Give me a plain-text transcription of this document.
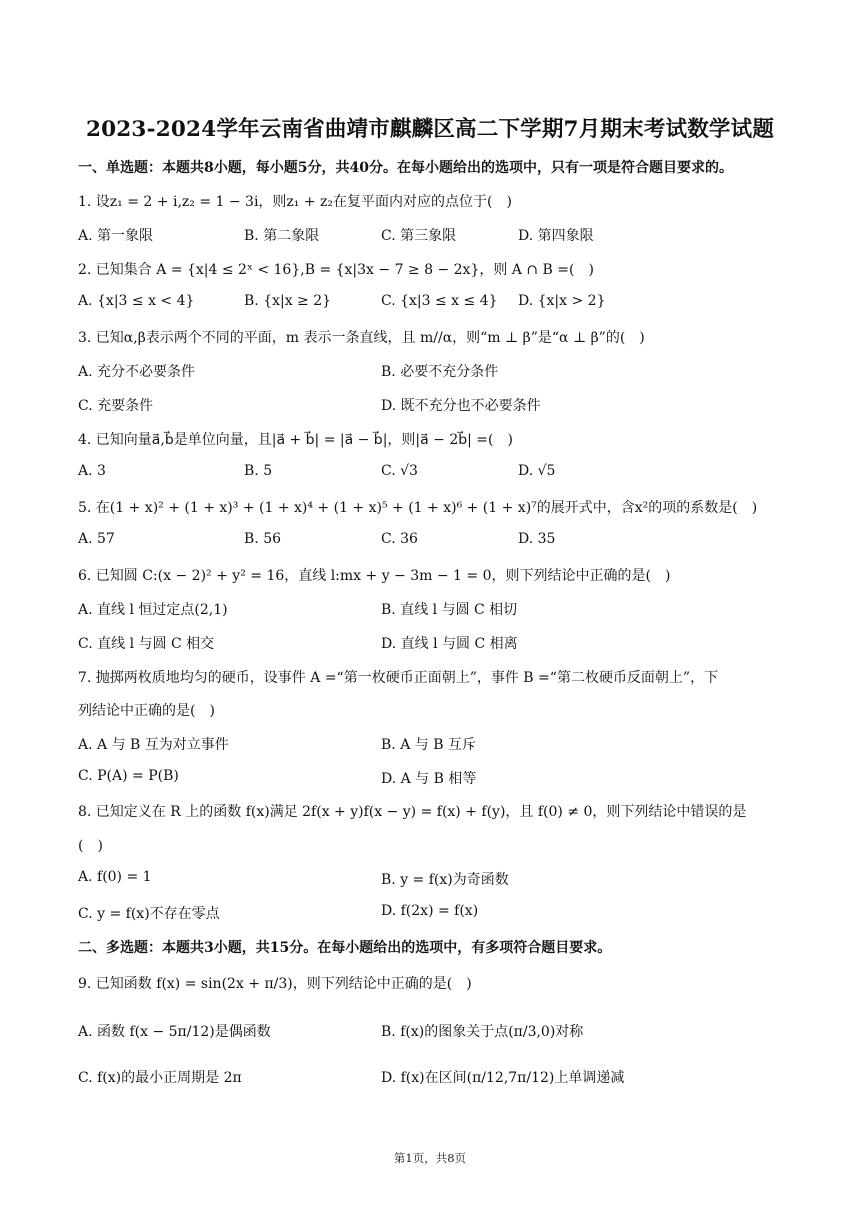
2023-2024学年云南省曲靖市麒麟区高二下学期7月期末考试数学试题
一、单选题：本题共8小题，每小题5分，共40分。在每小题给出的选项中，只有一项是符合题目要求的。
1. 设z₁ = 2 + i,z₂ = 1 − 3i，则z₁ + z₂在复平面内对应的点位于(　)
A. 第一象限	B. 第二象限	C. 第三象限	D. 第四象限
2. 已知集合 A = {x|4 ≤ 2ˣ < 16},B = {x|3x − 7 ≥ 8 − 2x}，则 A ∩ B =(　)
A. {x|3 ≤ x < 4}	B. {x|x ≥ 2}	C. {x|3 ≤ x ≤ 4} D. {x|x > 2}
3. 已知α,β表示两个不同的平面，m 表示一条直线，且 m//α，则“m ⊥ β”是“α ⊥ β”的(　)
A. 充分不必要条件	B. 必要不充分条件
C. 充要条件	D. 既不充分也不必要条件
4. 已知向量a⃗,b⃗是单位向量，且|a⃗ + b⃗| = |a⃗ − b⃗|，则|a⃗ − 2b⃗| =(　)
A. 3	B. 5	C. √3	D. √5
5. 在(1 + x)² + (1 + x)³ + (1 + x)⁴ + (1 + x)⁵ + (1 + x)⁶ + (1 + x)⁷的展开式中，含x²的项的系数是(　)
A. 57	B. 56	C. 36	D. 35
6. 已知圆 C:(x − 2)² + y² = 16，直线 l:mx + y − 3m − 1 = 0，则下列结论中正确的是(　)
A. 直线 l 恒过定点(2,1)	B. 直线 l 与圆 C 相切
C. 直线 l 与圆 C 相交	D. 直线 l 与圆 C 相离
7. 抛掷两枚质地均匀的硬币，设事件 A =“第一枚硬币正面朝上”，事件 B =“第二枚硬币反面朝上”，下
列结论中正确的是(　)
A. A 与 B 互为对立事件	B. A 与 B 互斥
C. P(A) = P(B)	D. A 与 B 相等
8. 已知定义在 R 上的函数 f(x)满足 2f(x + y)f(x − y) = f(x) + f(y)，且 f(0) ≠ 0，则下列结论中错误的是
(　)
A. f(0) = 1	B. y = f(x)为奇函数
C. y = f(x)不存在零点	D. f(2x) = f(x)
二、多选题：本题共3小题，共15分。在每小题给出的选项中，有多项符合题目要求。
9. 已知函数 f(x) = sin(2x + π/3)，则下列结论中正确的是(　)
A. 函数 f(x − 5π/12)是偶函数	B. f(x)的图象关于点(π/3,0)对称
C. f(x)的最小正周期是 2π	D. f(x)在区间(π/12,7π/12)上单调递减
第1页，共8页
